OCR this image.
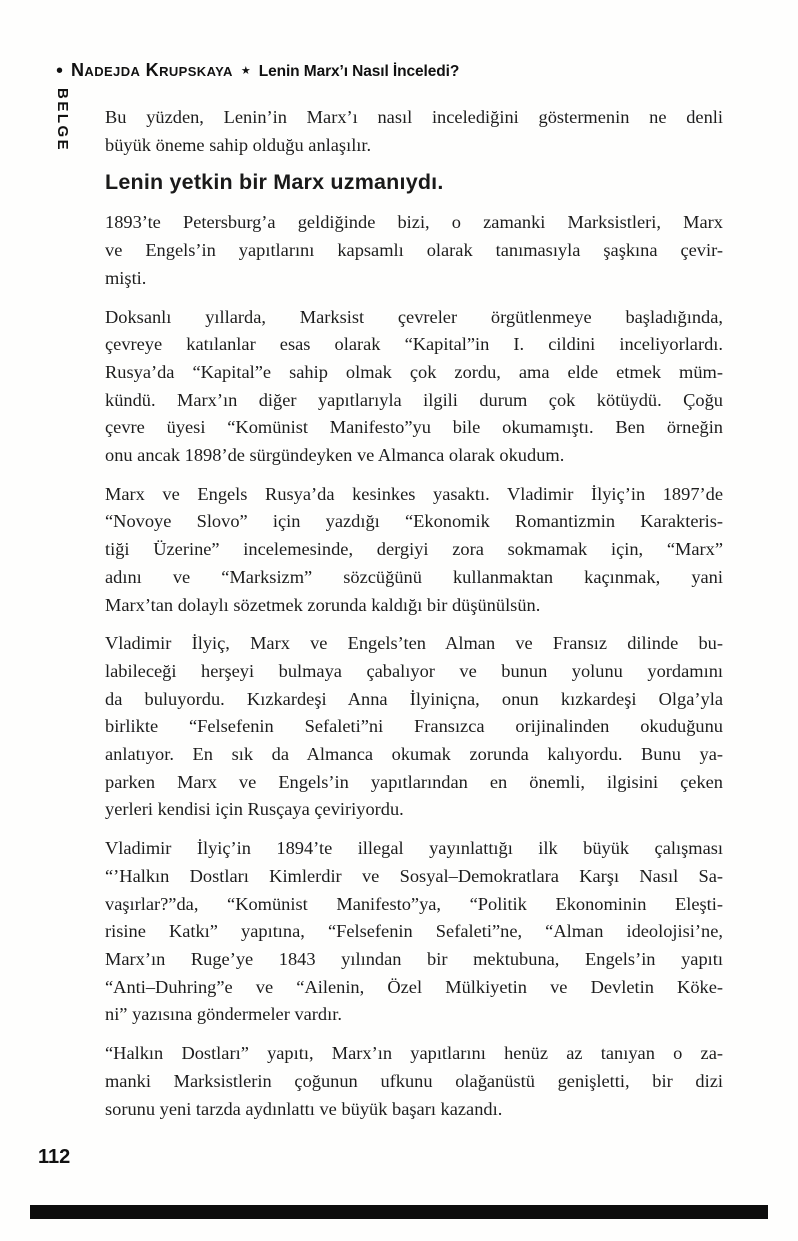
• Nadejda Krupskaya ★ Lenin Marx’ı Nasıl İnceledi?
BELGE Bu yüzden, Lenin’in Marx’ı nasıl incelediğini göstermenin ne denli
büyük öneme sahip olduğu anlaşılır.
Lenin yetkin bir Marx uzmanıydı.
1893’te Petersburg’a geldiğinde bizi, o zamanki Marksistleri, Marx
ve Engels’in yapıtlarını kapsamlı olarak tanımasıyla şaşkına çevir-
mişti.
Doksanlı yıllarda, Marksist çevreler örgütlenmeye başladığında,
çevreye katılanlar esas olarak “Kapital”in I. cildini inceliyorlardı.
Rusya’da “Kapital”e sahip olmak çok zordu, ama elde etmek müm-
kündü. Marx’ın diğer yapıtlarıyla ilgili durum çok kötüydü. Çoğu
çevre üyesi “Komünist Manifesto”yu bile okumamıştı. Ben örneğin
onu ancak 1898’de sürgündeyken ve Almanca olarak okudum.
Marx ve Engels Rusya’da kesinkes yasaktı. Vladimir İlyiç’in 1897’de
“Novoye Slovo” için yazdığı “Ekonomik Romantizmin Karakteris-
tiği Üzerine” incelemesinde, dergiyi zora sokmamak için, “Marx”
adını ve “Marksizm” sözcüğünü kullanmaktan kaçınmak, yani
Marx’tan dolaylı sözetmek zorunda kaldığı bir düşünülsün.
Vladimir İlyiç, Marx ve Engels’ten Alman ve Fransız dilinde bu-
labileceği herşeyi bulmaya çabalıyor ve bunun yolunu yordamını
da buluyordu. Kızkardeşi Anna İlyiniçna, onun kızkardeşi Olga’yla
birlikte “Felsefenin Sefaleti”ni Fransızca orijinalinden okuduğunu
anlatıyor. En sık da Almanca okumak zorunda kalıyordu. Bunu ya-
parken Marx ve Engels’in yapıtlarından en önemli, ilgisini çeken
yerleri kendisi için Rusçaya çeviriyordu.
Vladimir İlyiç’in 1894’te illegal yayınlattığı ilk büyük çalışması
“’Halkın Dostları Kimlerdir ve Sosyal–Demokratlara Karşı Nasıl Sa-
vaşırlar?”da, “Komünist Manifesto”ya, “Politik Ekonominin Eleşti-
risine Katkı” yapıtına, “Felsefenin Sefaleti”ne, “Alman ideolojisi’ne,
Marx’ın Ruge’ye 1843 yılından bir mektubuna, Engels’in yapıtı
“Anti–Duhring”e ve “Ailenin, Özel Mülkiyetin ve Devletin Köke-
ni” yazısına göndermeler vardır.
“Halkın Dostları” yapıtı, Marx’ın yapıtlarını henüz az tanıyan o za-
manki Marksistlerin çoğunun ufkunu olağanüstü genişletti, bir dizi
sorunu yeni tarzda aydınlattı ve büyük başarı kazandı.
112
